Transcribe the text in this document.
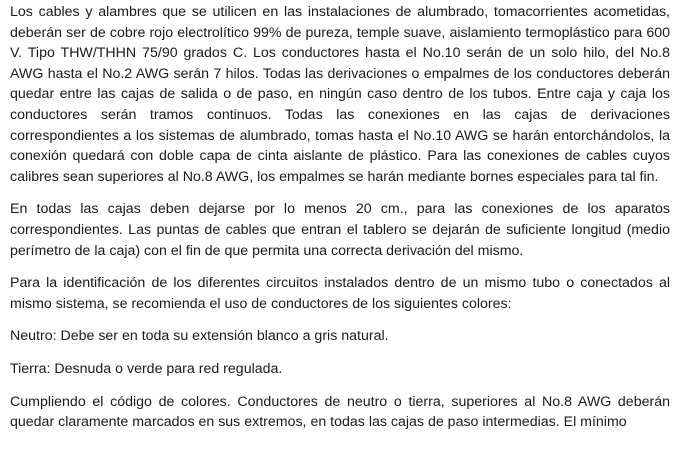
Los cables y alambres que se utilicen en las instalaciones de alumbrado, tomacorrientes acometidas, deberán ser de cobre rojo electrolítico 99% de pureza, temple suave, aislamiento termoplástico para 600 V. Tipo THW/THHN 75/90 grados C. Los conductores hasta el No.10 serán de un solo hilo, del No.8 AWG hasta el No.2 AWG serán 7 hilos. Todas las derivaciones o empalmes de los conductores deberán quedar entre las cajas de salida o de paso, en ningún caso dentro de los tubos. Entre caja y caja los conductores serán tramos continuos. Todas las conexiones en las cajas de derivaciones correspondientes a los sistemas de alumbrado, tomas hasta el No.10 AWG se harán entorchándolos, la conexión quedará con doble capa de cinta aislante de plástico. Para las conexiones de cables cuyos calibres sean superiores al No.8 AWG, los empalmes se harán mediante bornes especiales para tal fin.

En todas las cajas deben dejarse por lo menos 20 cm., para las conexiones de los aparatos correspondientes. Las puntas de cables que entran el tablero se dejarán de suficiente longitud (medio perímetro de la caja) con el fin de que permita una correcta derivación del mismo.

Para la identificación de los diferentes circuitos instalados dentro de un mismo tubo o conectados al mismo sistema, se recomienda el uso de conductores de los siguientes colores:

Neutro: Debe ser en toda su extensión blanco a gris natural.

Tierra: Desnuda o verde para red regulada.

Cumpliendo el código de colores. Conductores de neutro o tierra, superiores al No.8 AWG deberán quedar claramente marcados en sus extremos, en todas las cajas de paso intermedias. El mínimo
